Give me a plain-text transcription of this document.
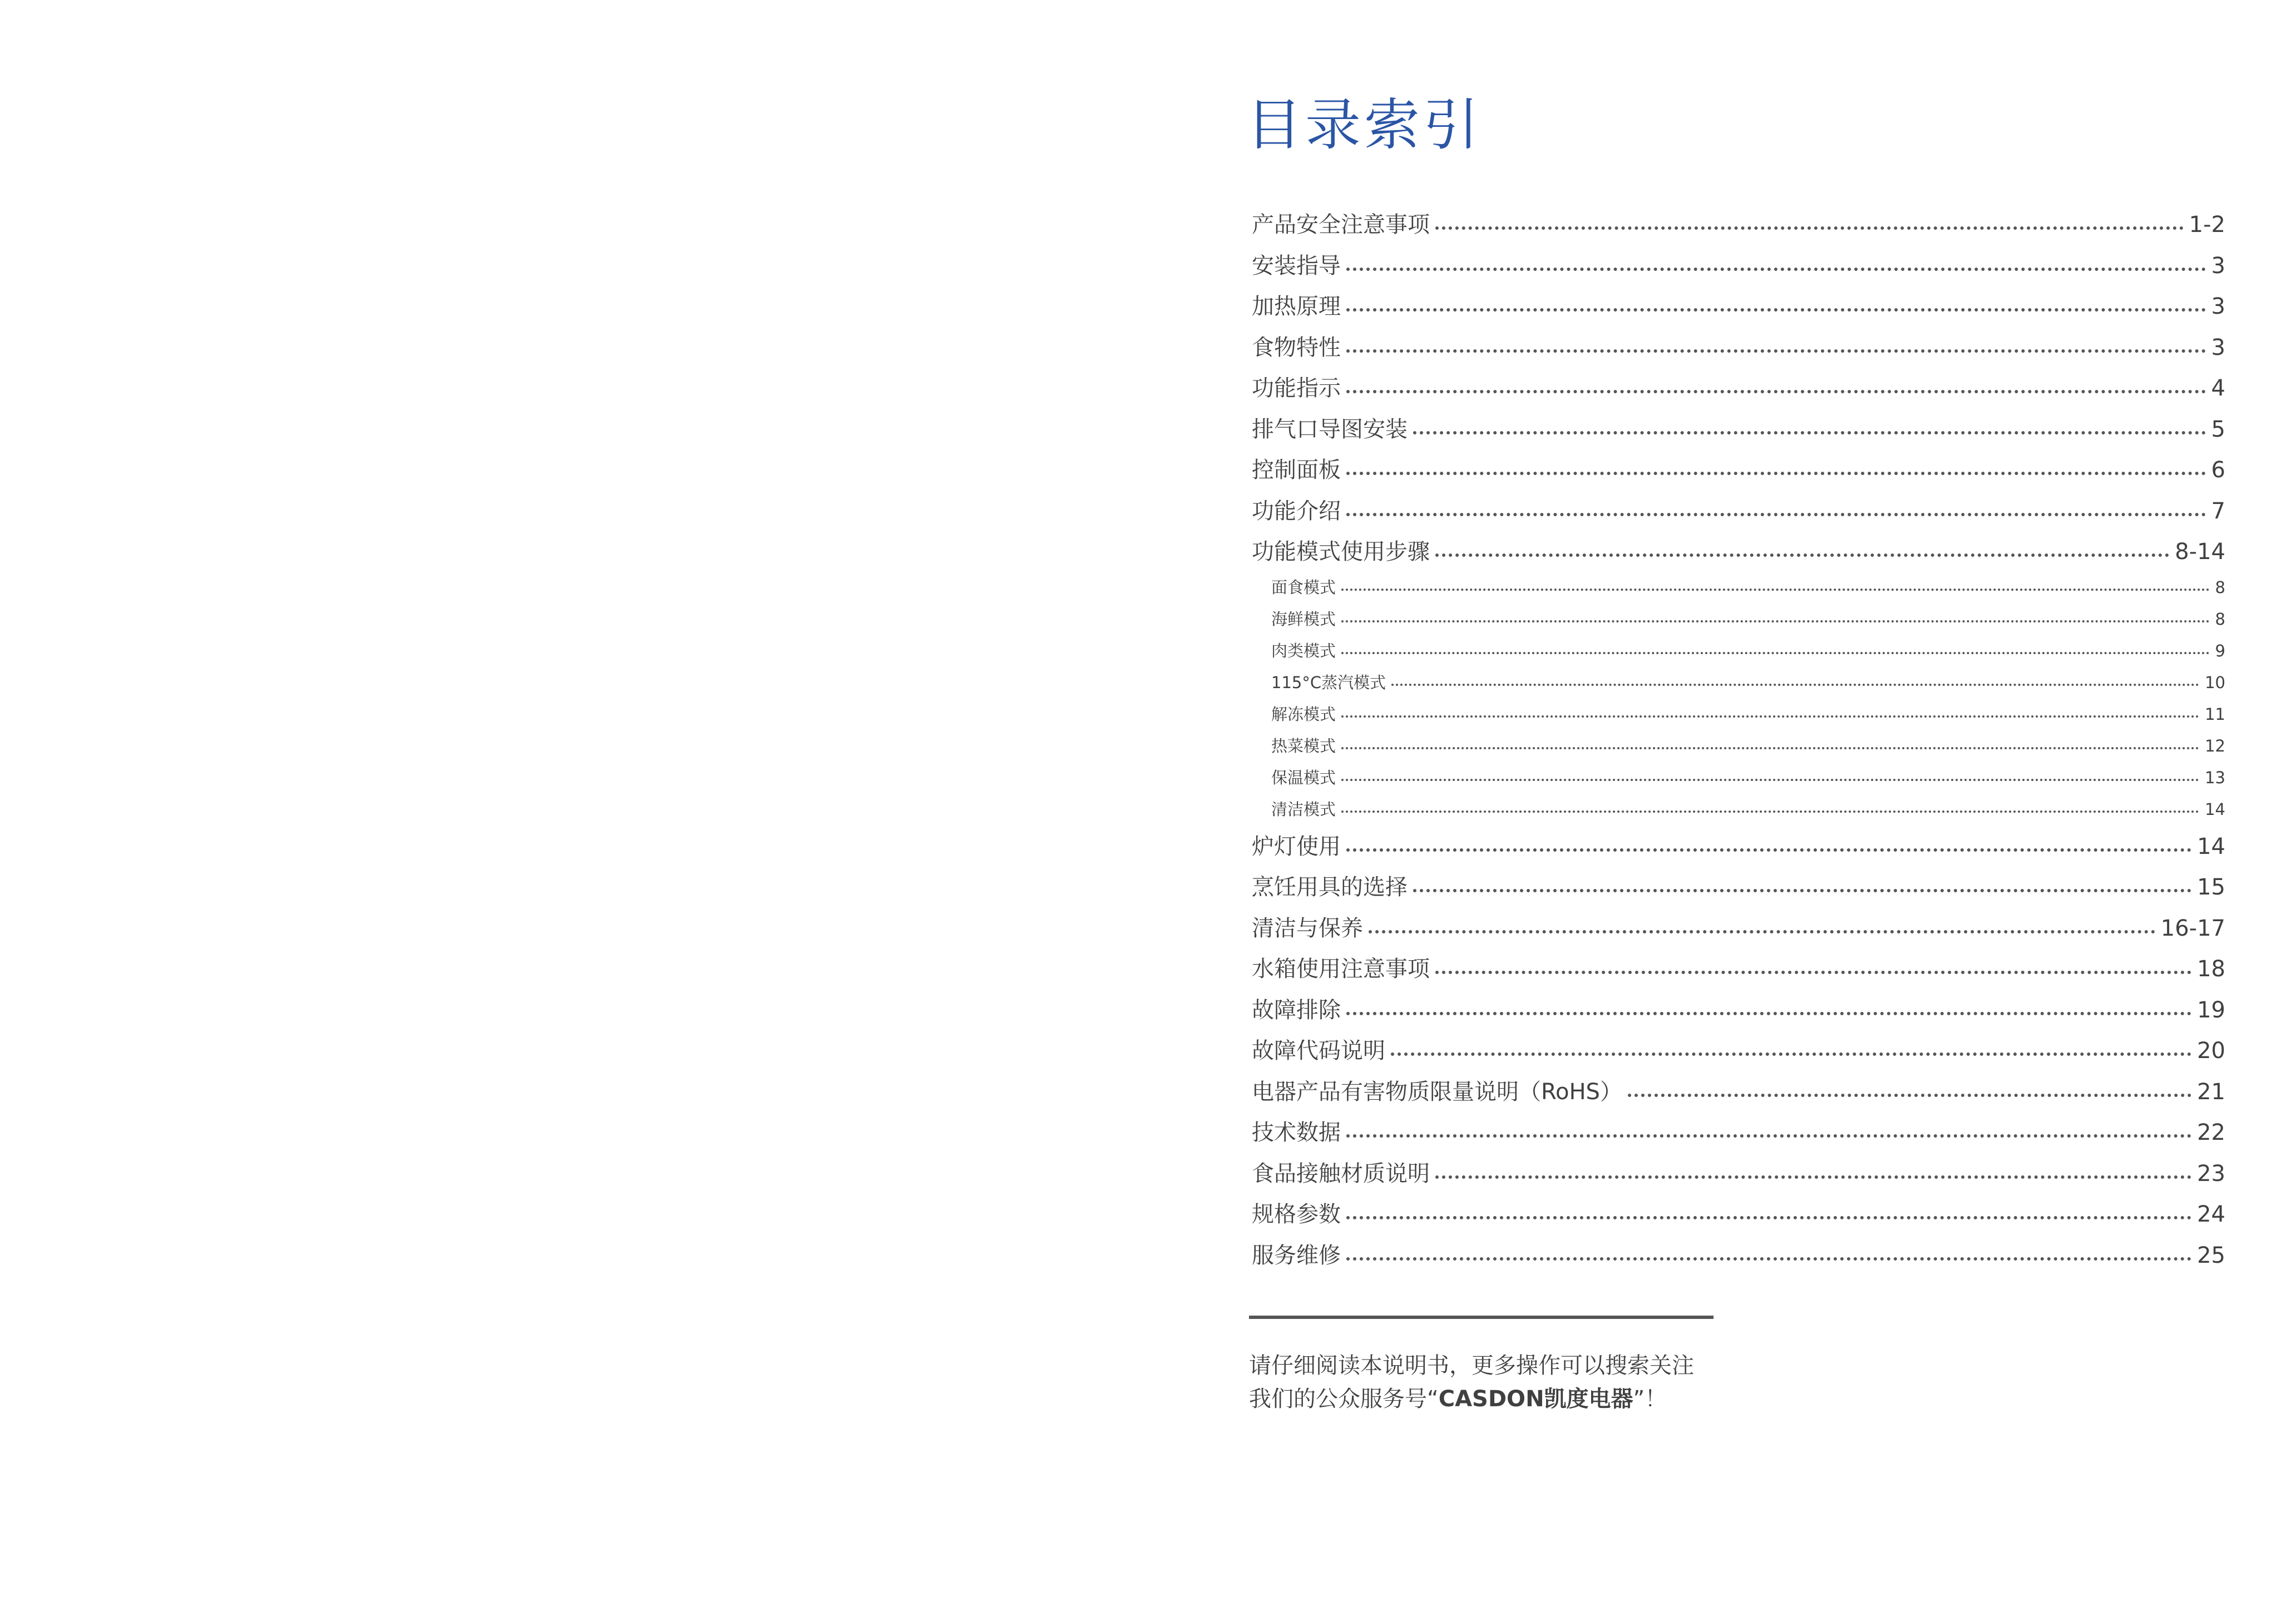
目录索引
产品安全注意事项	1-2
安装指导	3
加热原理	3
食物特性	3
功能指示	4
排气口导图安装	5
控制面板	6
功能介绍	7
功能模式使用步骤	8-14
面食模式	8
海鲜模式	8
肉类模式	9
115°C蒸汽模式	10
解冻模式	11
热菜模式	12
保温模式	13
清洁模式	14
炉灯使用	14
烹饪用具的选择	15
清洁与保养	16-17
水箱使用注意事项	18
故障排除	19
故障代码说明	20
电器产品有害物质限量说明（RoHS）	21
技术数据	22
食品接触材质说明	23
规格参数	24
服务维修	25
请仔细阅读本说明书，更多操作可以搜索关注
我们的公众服务号“CASDON凯度电器”！
